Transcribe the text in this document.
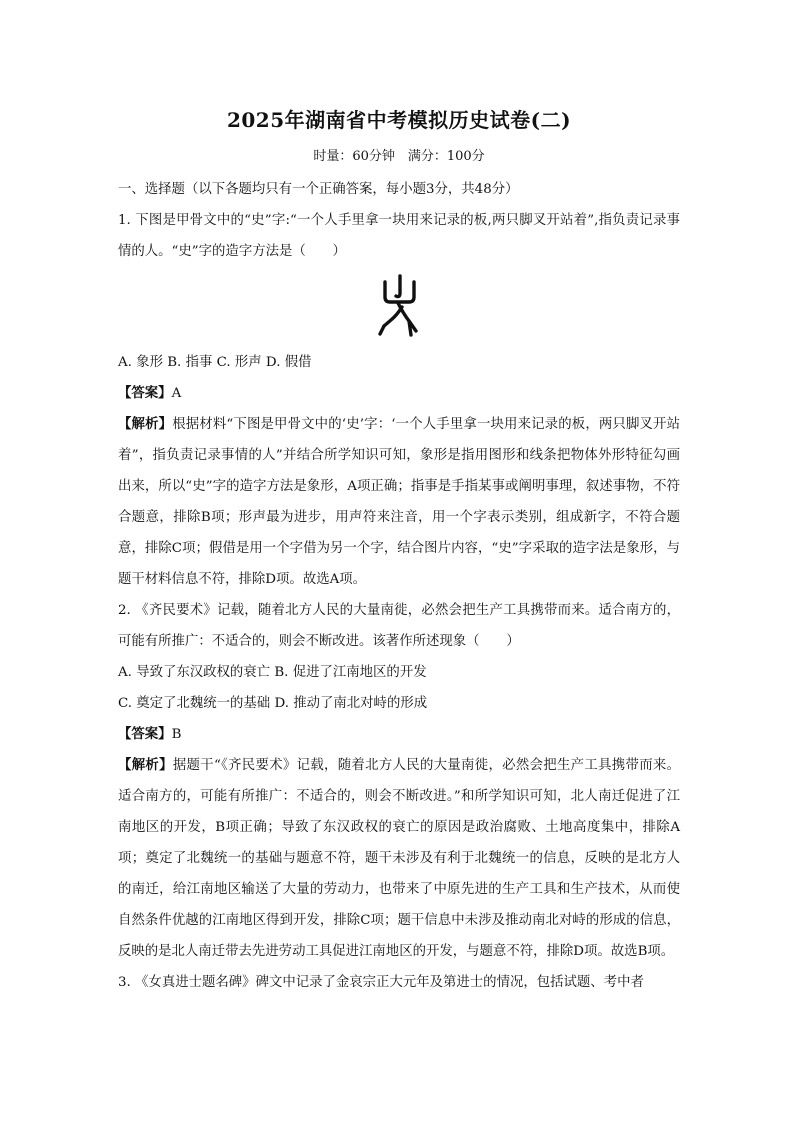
2025年湖南省中考模拟历史试卷(二)
时量：60分钟　满分：100分

一、选择题（以下各题均只有一个正确答案，每小题3分，共48分）

1. 下图是甲骨文中的“史”字:“一个人手里拿一块用来记录的板,两只脚叉开站着”,指负责记录事情的人。“史”字的造字方法是（　　）

A. 象形 B. 指事 C. 形声 D. 假借

【答案】A

【解析】根据材料“下图是甲骨文中的‘史’字：‘一个人手里拿一块用来记录的板，两只脚叉开站着”，指负责记录事情的人”并结合所学知识可知，象形是指用图形和线条把物体外形特征勾画出来，所以“史”字的造字方法是象形，A项正确；指事是手指某事或阐明事理，叙述事物，不符合题意，排除B项；形声最为进步，用声符来注音，用一个字表示类别，组成新字，不符合题意，排除C项；假借是用一个字借为另一个字，结合图片内容，“史”字采取的造字法是象形，与题干材料信息不符，排除D项。故选A项。

2. 《齐民要术》记载，随着北方人民的大量南徙，必然会把生产工具携带而来。适合南方的，可能有所推广：不适合的，则会不断改进。该著作所述现象（　　）

A. 导致了东汉政权的衰亡 B. 促进了江南地区的开发

C. 奠定了北魏统一的基础 D. 推动了南北对峙的形成

【答案】B

【解析】据题干“《齐民要术》记载，随着北方人民的大量南徙，必然会把生产工具携带而来。适合南方的，可能有所推广：不适合的，则会不断改进。”和所学知识可知，北人南迁促进了江南地区的开发，B项正确；导致了东汉政权的衰亡的原因是政治腐败、土地高度集中，排除A项；奠定了北魏统一的基础与题意不符，题干未涉及有利于北魏统一的信息，反映的是北方人的南迁，给江南地区输送了大量的劳动力，也带来了中原先进的生产工具和生产技术，从而使自然条件优越的江南地区得到开发，排除C项；题干信息中未涉及推动南北对峙的形成的信息，反映的是北人南迁带去先进劳动工具促进江南地区的开发，与题意不符，排除D项。故选B项。

3. 《女真进士题名碑》碑文中记录了金哀宗正大元年及第进士的情况，包括试题、考中者
